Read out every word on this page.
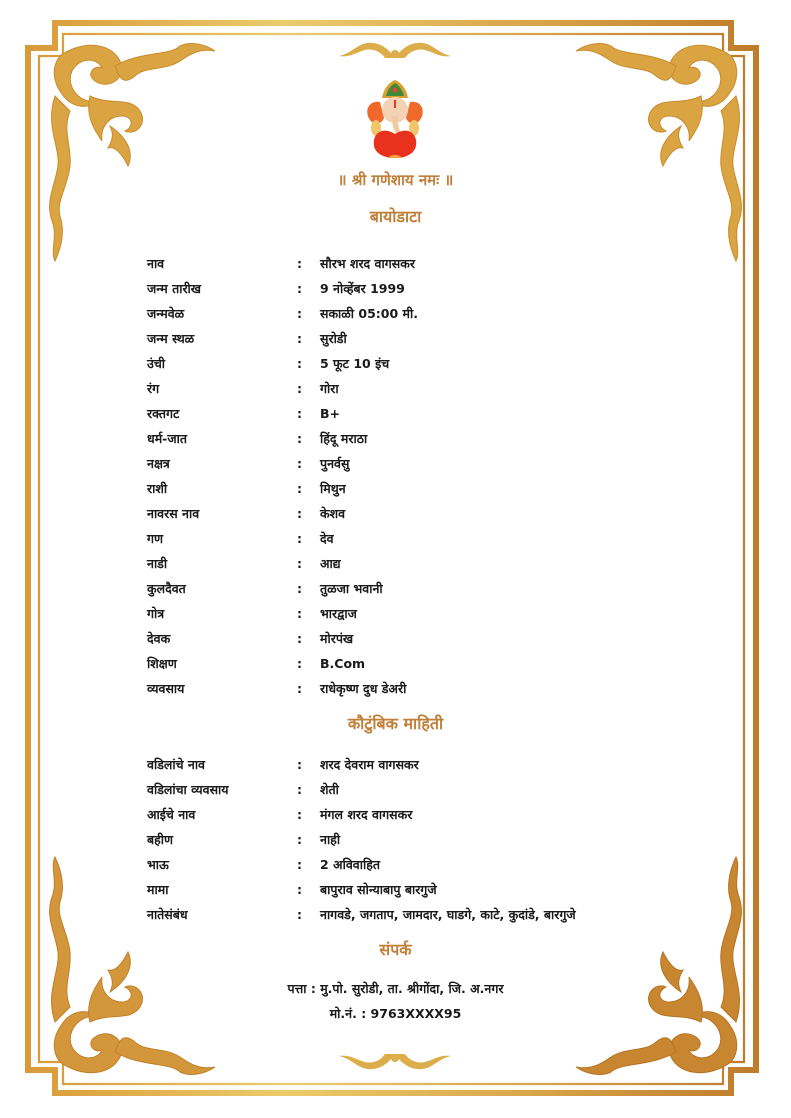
॥ श्री गणेशाय नमः ॥
बायोडाटा
नाव	:	सौरभ शरद वागसकर
जन्म तारीख	:	9 नोव्हेंबर 1999
जन्मवेळ	:	सकाळी 05:00 मी.
जन्म स्थळ	:	सुरोडी
उंची	:	5 फूट 10 इंच
रंग	:	गोरा
रक्तगट	:	B+
धर्म-जात	:	हिंदू मराठा
नक्षत्र	:	पुनर्वसु
राशी	:	मिथुन
नावरस नाव	:	केशव
गण	:	देव
नाडी	:	आद्य
कुलदैवत	:	तुळजा भवानी
गोत्र	:	भारद्वाज
देवक	:	मोरपंख
शिक्षण	:	B.Com
व्यवसाय	:	राधेकृष्ण दुध डेअरी
कौटुंबिक माहिती
वडिलांचे नाव	:	शरद देवराम वागसकर
वडिलांचा व्यवसाय	:	शेती
आईचे नाव	:	मंगल शरद वागसकर
बहीण	:	नाही
भाऊ	:	2 अविवाहित
मामा	:	बापुराव सोन्याबापु बारगुजे
नातेसंबंध	:	नागवडे, जगताप, जामदार, घाडगे, काटे, कुदांडे, बारगुजे
संपर्क
पत्ता : मु.पो. सुरोडी, ता. श्रीगोंदा, जि. अ.नगर
मो.नं. : 9763XXXX95
